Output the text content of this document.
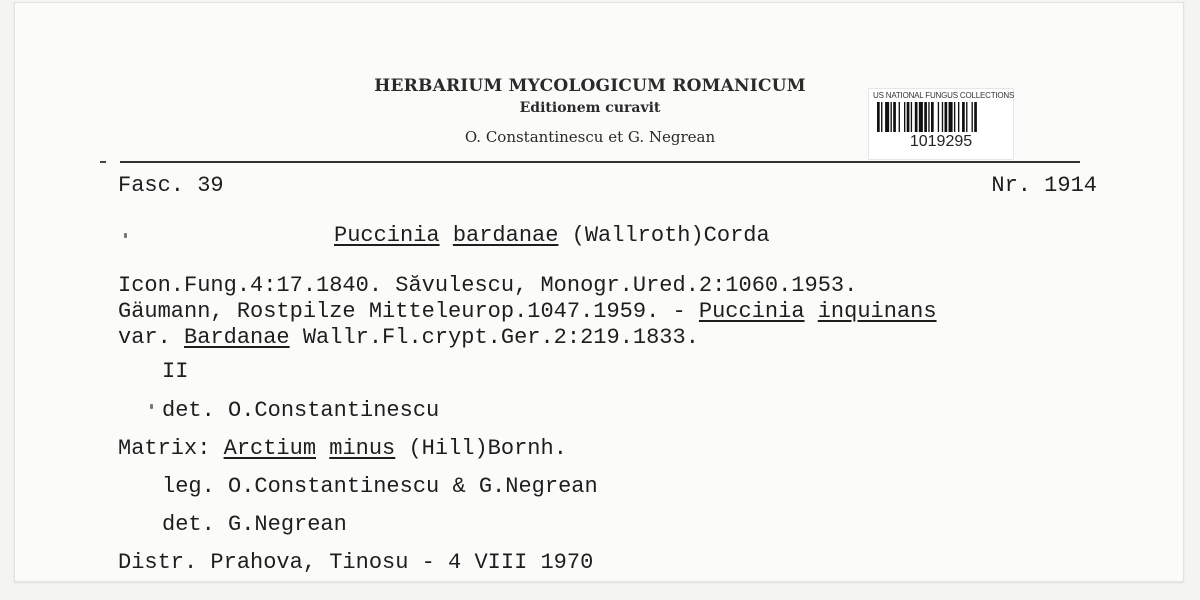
HERBARIUM MYCOLOGICUM ROMANICUM
Editionem curavit
O. Constantinescu et G. Negrean
US NATIONAL FUNGUS COLLECTIONS
1019295
Fasc. 39	Nr. 1914
Puccinia bardanae (Wallroth)Corda
Icon.Fung.4:17.1840. Săvulescu, Monogr.Ured.2:1060.1953.
Gäumann, Rostpilze Mitteleurop.1047.1959. - Puccinia inquinans
var. Bardanae Wallr.Fl.crypt.Ger.2:219.1833.
II
det. O.Constantinescu
Matrix: Arctium minus (Hill)Bornh.
leg. O.Constantinescu & G.Negrean
det. G.Negrean
Distr. Prahova, Tinosu - 4 VIII 1970
